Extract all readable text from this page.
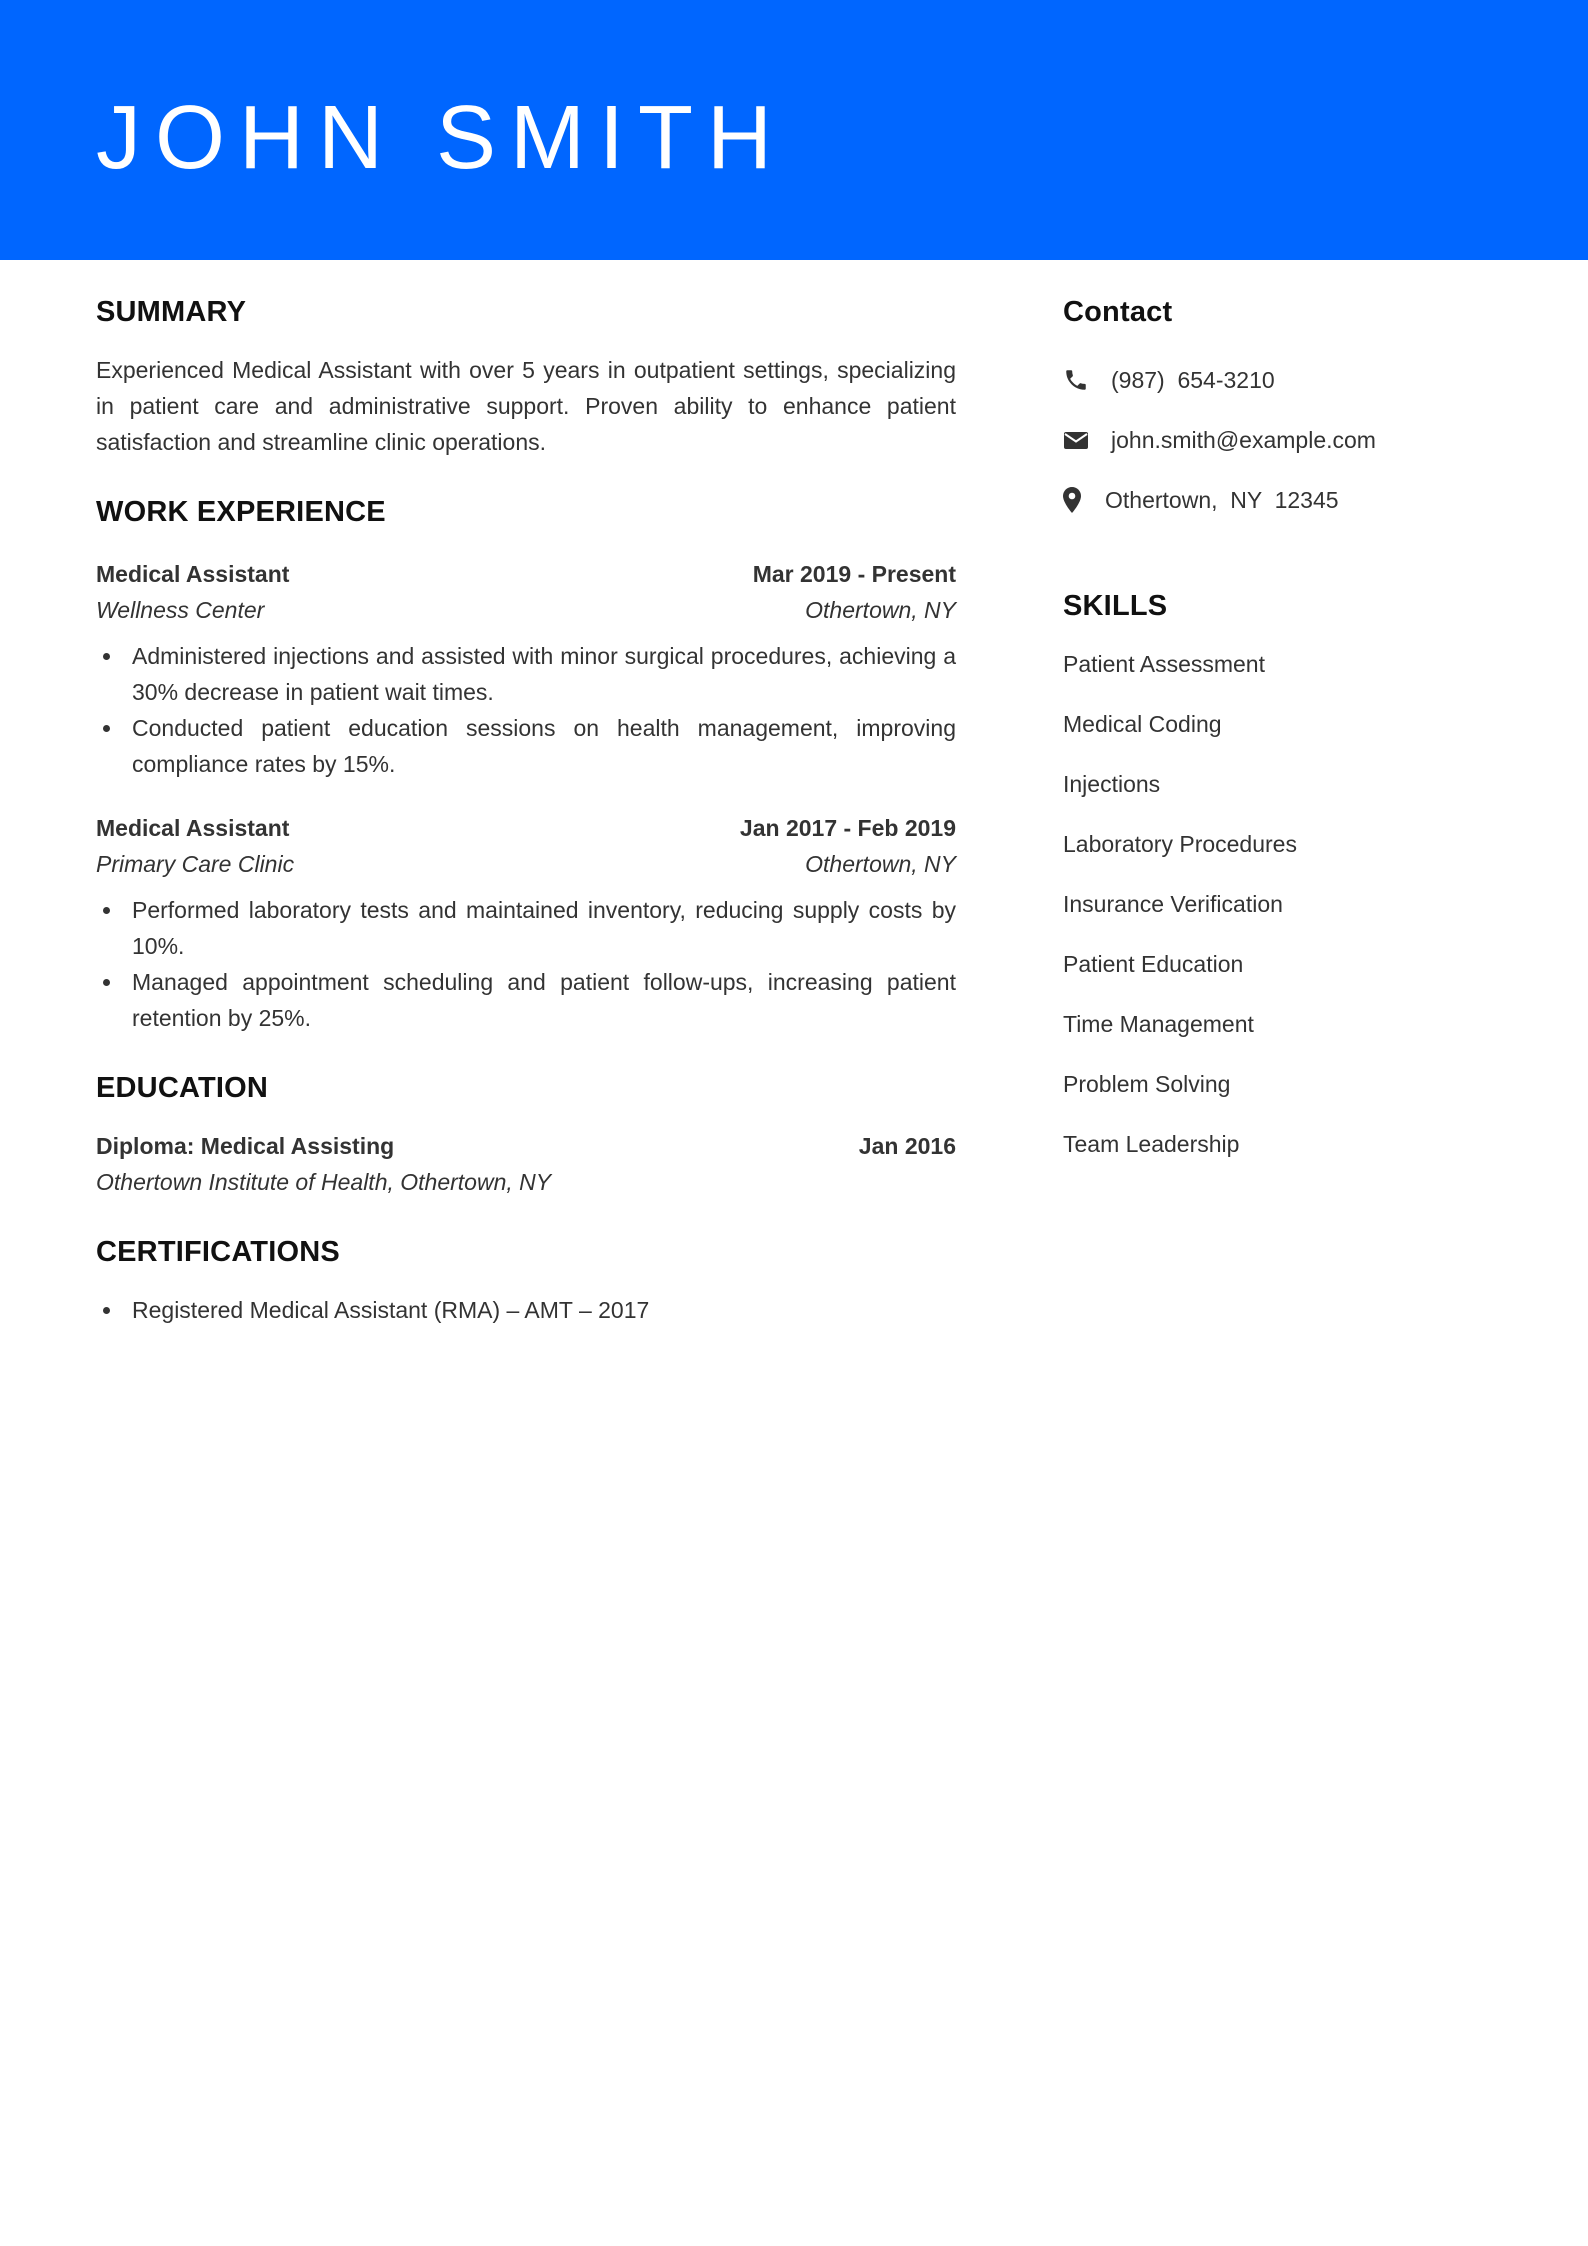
JOHN SMITH
SUMMARY

Experienced Medical Assistant with over 5 years in outpatient settings, specializing in patient care and administrative support. Proven ability to enhance patient satisfaction and streamline clinic operations.

WORK EXPERIENCE
Medical Assistant	Mar 2019 - Present
Wellness Center	Othertown, NY
Administered injections and assisted with minor surgical procedures, achieving a 30% decrease in patient wait times.
Conducted patient education sessions on health management, improving compliance rates by 15%.
Medical Assistant	Jan 2017 - Feb 2019
Primary Care Clinic	Othertown, NY
Performed laboratory tests and maintained inventory, reducing supply costs by 10%.
Managed appointment scheduling and patient follow-ups, increasing patient retention by 25%.
EDUCATION
Diploma: Medical Assisting	Jan 2016
Othertown Institute of Health, Othertown, NY
CERTIFICATIONS
Registered Medical Assistant (RMA) – AMT – 2017
Contact
(987)  654-3210
john.smith@example.com
Othertown,  NY  12345
SKILLS
Patient Assessment
Medical Coding
Injections
Laboratory Procedures
Insurance Verification
Patient Education
Time Management
Problem Solving
Team Leadership
